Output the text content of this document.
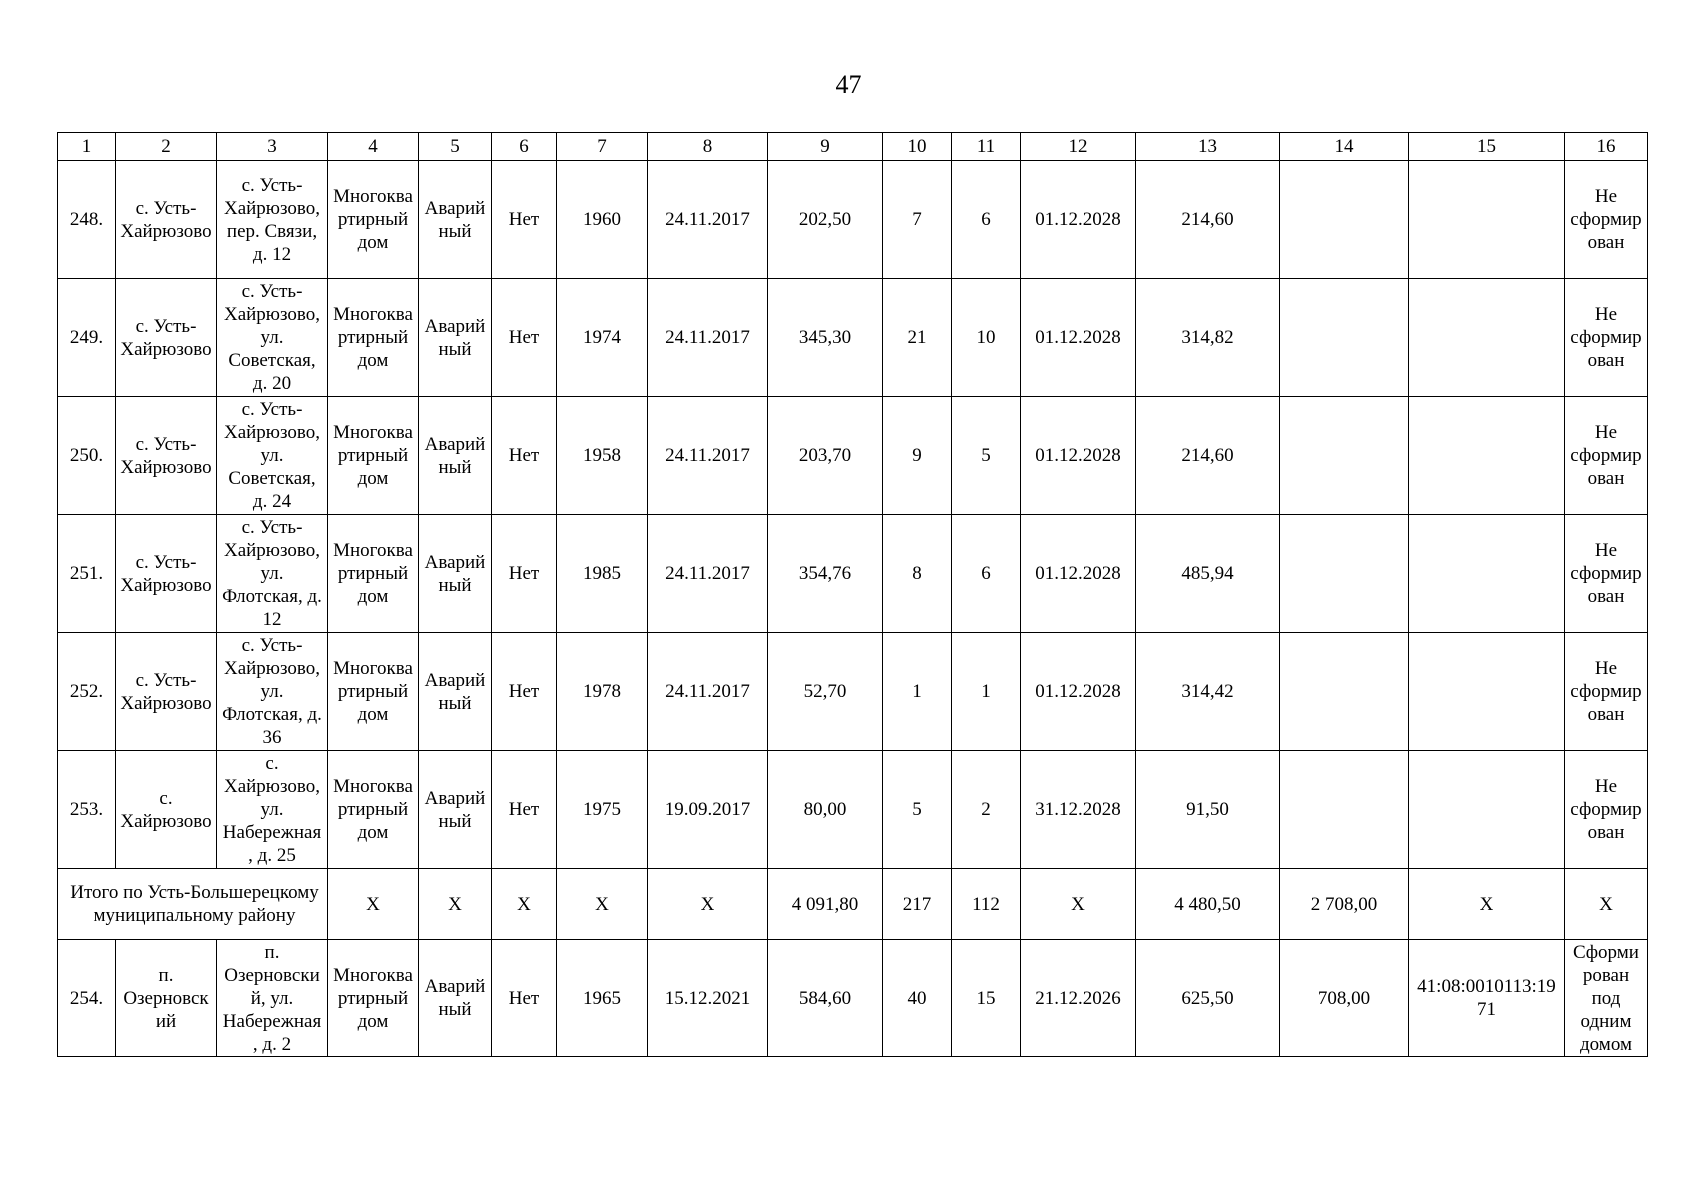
47
1	2	3	4	5	6	7	8	9	10	11	12	13	14	15	16
248.	с. Усть-Хайрюзово	с. Усть-Хайрюзово, пер. Связи, д. 12	Многоквартирный дом	Аварийный	Нет	1960	24.11.2017	202,50	7	6	01.12.2028	214,60			Не сформирован
249.	с. Усть-Хайрюзово	с. Усть-Хайрюзово, ул. Советская, д. 20	Многоквартирный дом	Аварийный	Нет	1974	24.11.2017	345,30	21	10	01.12.2028	314,82			Не сформирован
250.	с. Усть-Хайрюзово	с. Усть-Хайрюзово, ул. Советская, д. 24	Многоквартирный дом	Аварийный	Нет	1958	24.11.2017	203,70	9	5	01.12.2028	214,60			Не сформирован
251.	с. Усть-Хайрюзово	с. Усть-Хайрюзово, ул. Флотская, д. 12	Многоквартирный дом	Аварийный	Нет	1985	24.11.2017	354,76	8	6	01.12.2028	485,94			Не сформирован
252.	с. Усть-Хайрюзово	с. Усть-Хайрюзово, ул. Флотская, д. 36	Многоквартирный дом	Аварийный	Нет	1978	24.11.2017	52,70	1	1	01.12.2028	314,42			Не сформирован
253.	с. Хайрюзово	с. Хайрюзово, ул. Набережная, д. 25	Многоквартирный дом	Аварийный	Нет	1975	19.09.2017	80,00	5	2	31.12.2028	91,50			Не сформирован
Итого по Усть-Большерецкому муниципальному району			X	X	X	X	X	4 091,80	217	112	X	4 480,50	2 708,00	X	X
254.	п. Озерновский	п. Озерновский, ул. Набережная, д. 2	Многоквартирный дом	Аварийный	Нет	1965	15.12.2021	584,60	40	15	21.12.2026	625,50	708,00	41:08:0010113:1971	Сформирован под одним домом
